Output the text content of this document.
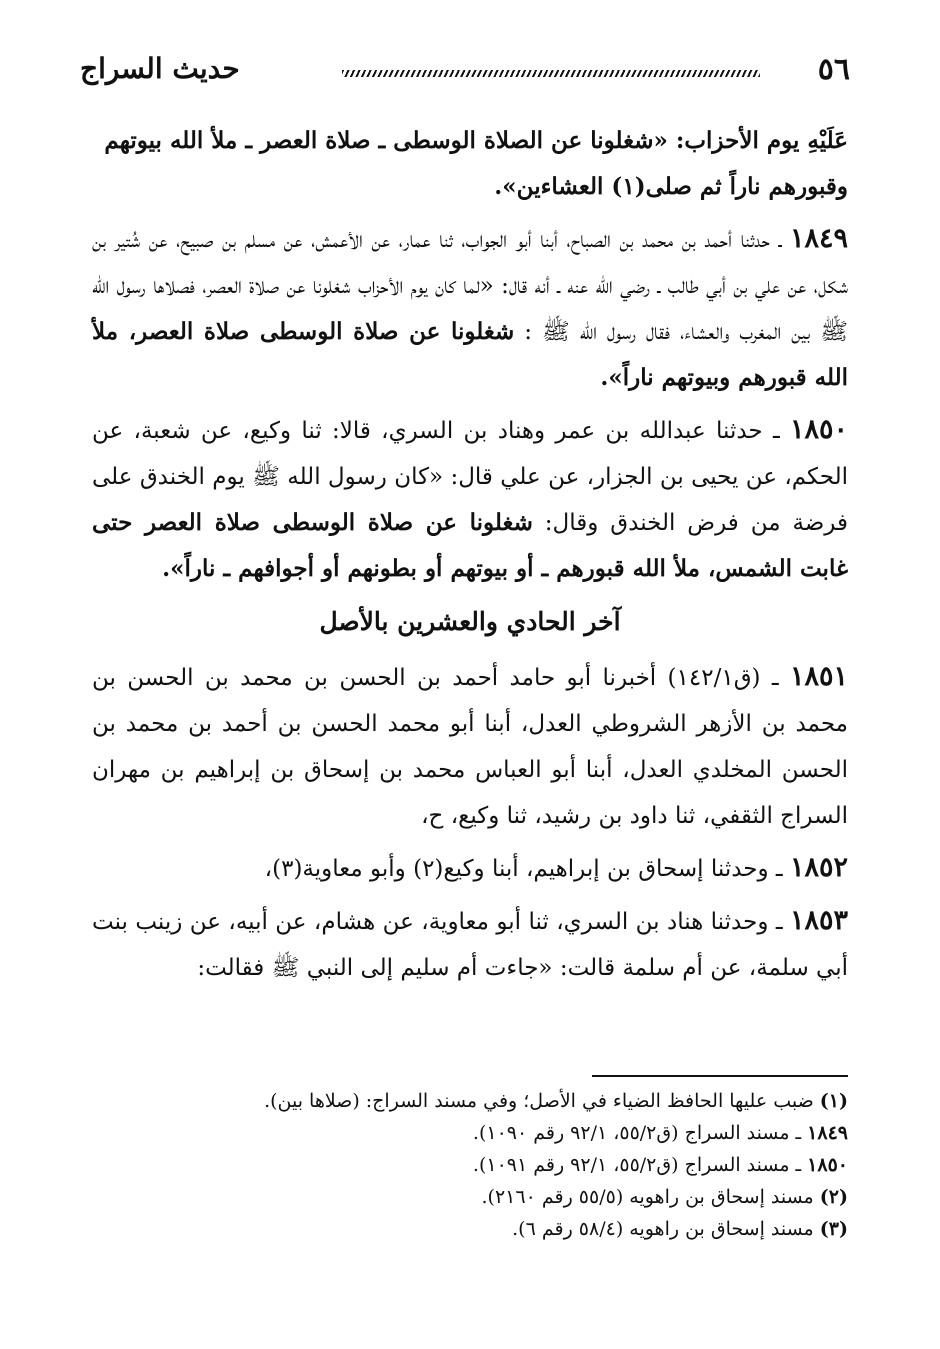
٥٦
حديث السراج

عَلَيْهِ يوم الأحزاب: «شغلونا عن الصلاة الوسطى ـ صلاة العصر ـ ملأ الله بيوتهم
وقبورهم ناراً ثم صلى(١) العشاءين».

١٨٤٩ ـ حدثنا أحمد بن محمد بن الصباح، أبنا أبو الجواب، ثنا عمار، عن الأعمش، عن مسلم بن صبيح، عن شُتير بن شكل، عن علي بن أبي طالب ـ رضي الله عنه ـ أنه قال: «لما كان يوم الأحزاب شغلونا عن صلاة العصر، فصلاها رسول الله ﷺ بين المغرب والعشاء، فقال رسول الله ﷺ : شغلونا عن صلاة الوسطى صلاة العصر، ملأ الله قبورهم وبيوتهم ناراً».

١٨٥٠ ـ حدثنا عبدالله بن عمر وهناد بن السري، قالا: ثنا وكيع، عن شعبة، عن الحكم، عن يحيى بن الجزار، عن علي قال: «كان رسول الله ﷺ يوم الخندق على فرضة من فرض الخندق وقال: شغلونا عن صلاة الوسطى صلاة العصر حتى غابت الشمس، ملأ الله قبورهم ـ أو بيوتهم أو بطونهم أو أجوافهم ـ ناراً».

آخر الحادي والعشرين بالأصل

١٨٥١ ـ (ق١٤٢/١) أخبرنا أبو حامد أحمد بن الحسن بن محمد بن الحسن بن محمد بن الأزهر الشروطي العدل، أبنا أبو محمد الحسن بن أحمد بن محمد بن الحسن المخلدي العدل، أبنا أبو العباس محمد بن إسحاق بن إبراهيم بن مهران السراج الثقفي، ثنا داود بن رشيد، ثنا وكيع، ح،

١٨٥٢ ـ وحدثنا إسحاق بن إبراهيم، أبنا وكيع(٢) وأبو معاوية(٣)،

١٨٥٣ ـ وحدثنا هناد بن السري، ثنا أبو معاوية، عن هشام، عن أبيه، عن زينب بنت أبي سلمة، عن أم سلمة قالت: «جاءت أم سليم إلى النبي ﷺ فقالت:

(١) ضبب عليها الحافظ الضياء في الأصل؛ وفي مسند السراج: (صلاها بين).

١٨٤٩ ـ مسند السراج (ق٥٥/٢، ٩٢/١ رقم ١٠٩٠).

١٨٥٠ ـ مسند السراج (ق٥٥/٢، ٩٢/١ رقم ١٠٩١).

(٢) مسند إسحاق بن راهويه (٥٥/٥ رقم ٢١٦٠).

(٣) مسند إسحاق بن راهويه (٥٨/٤ رقم ٦).
